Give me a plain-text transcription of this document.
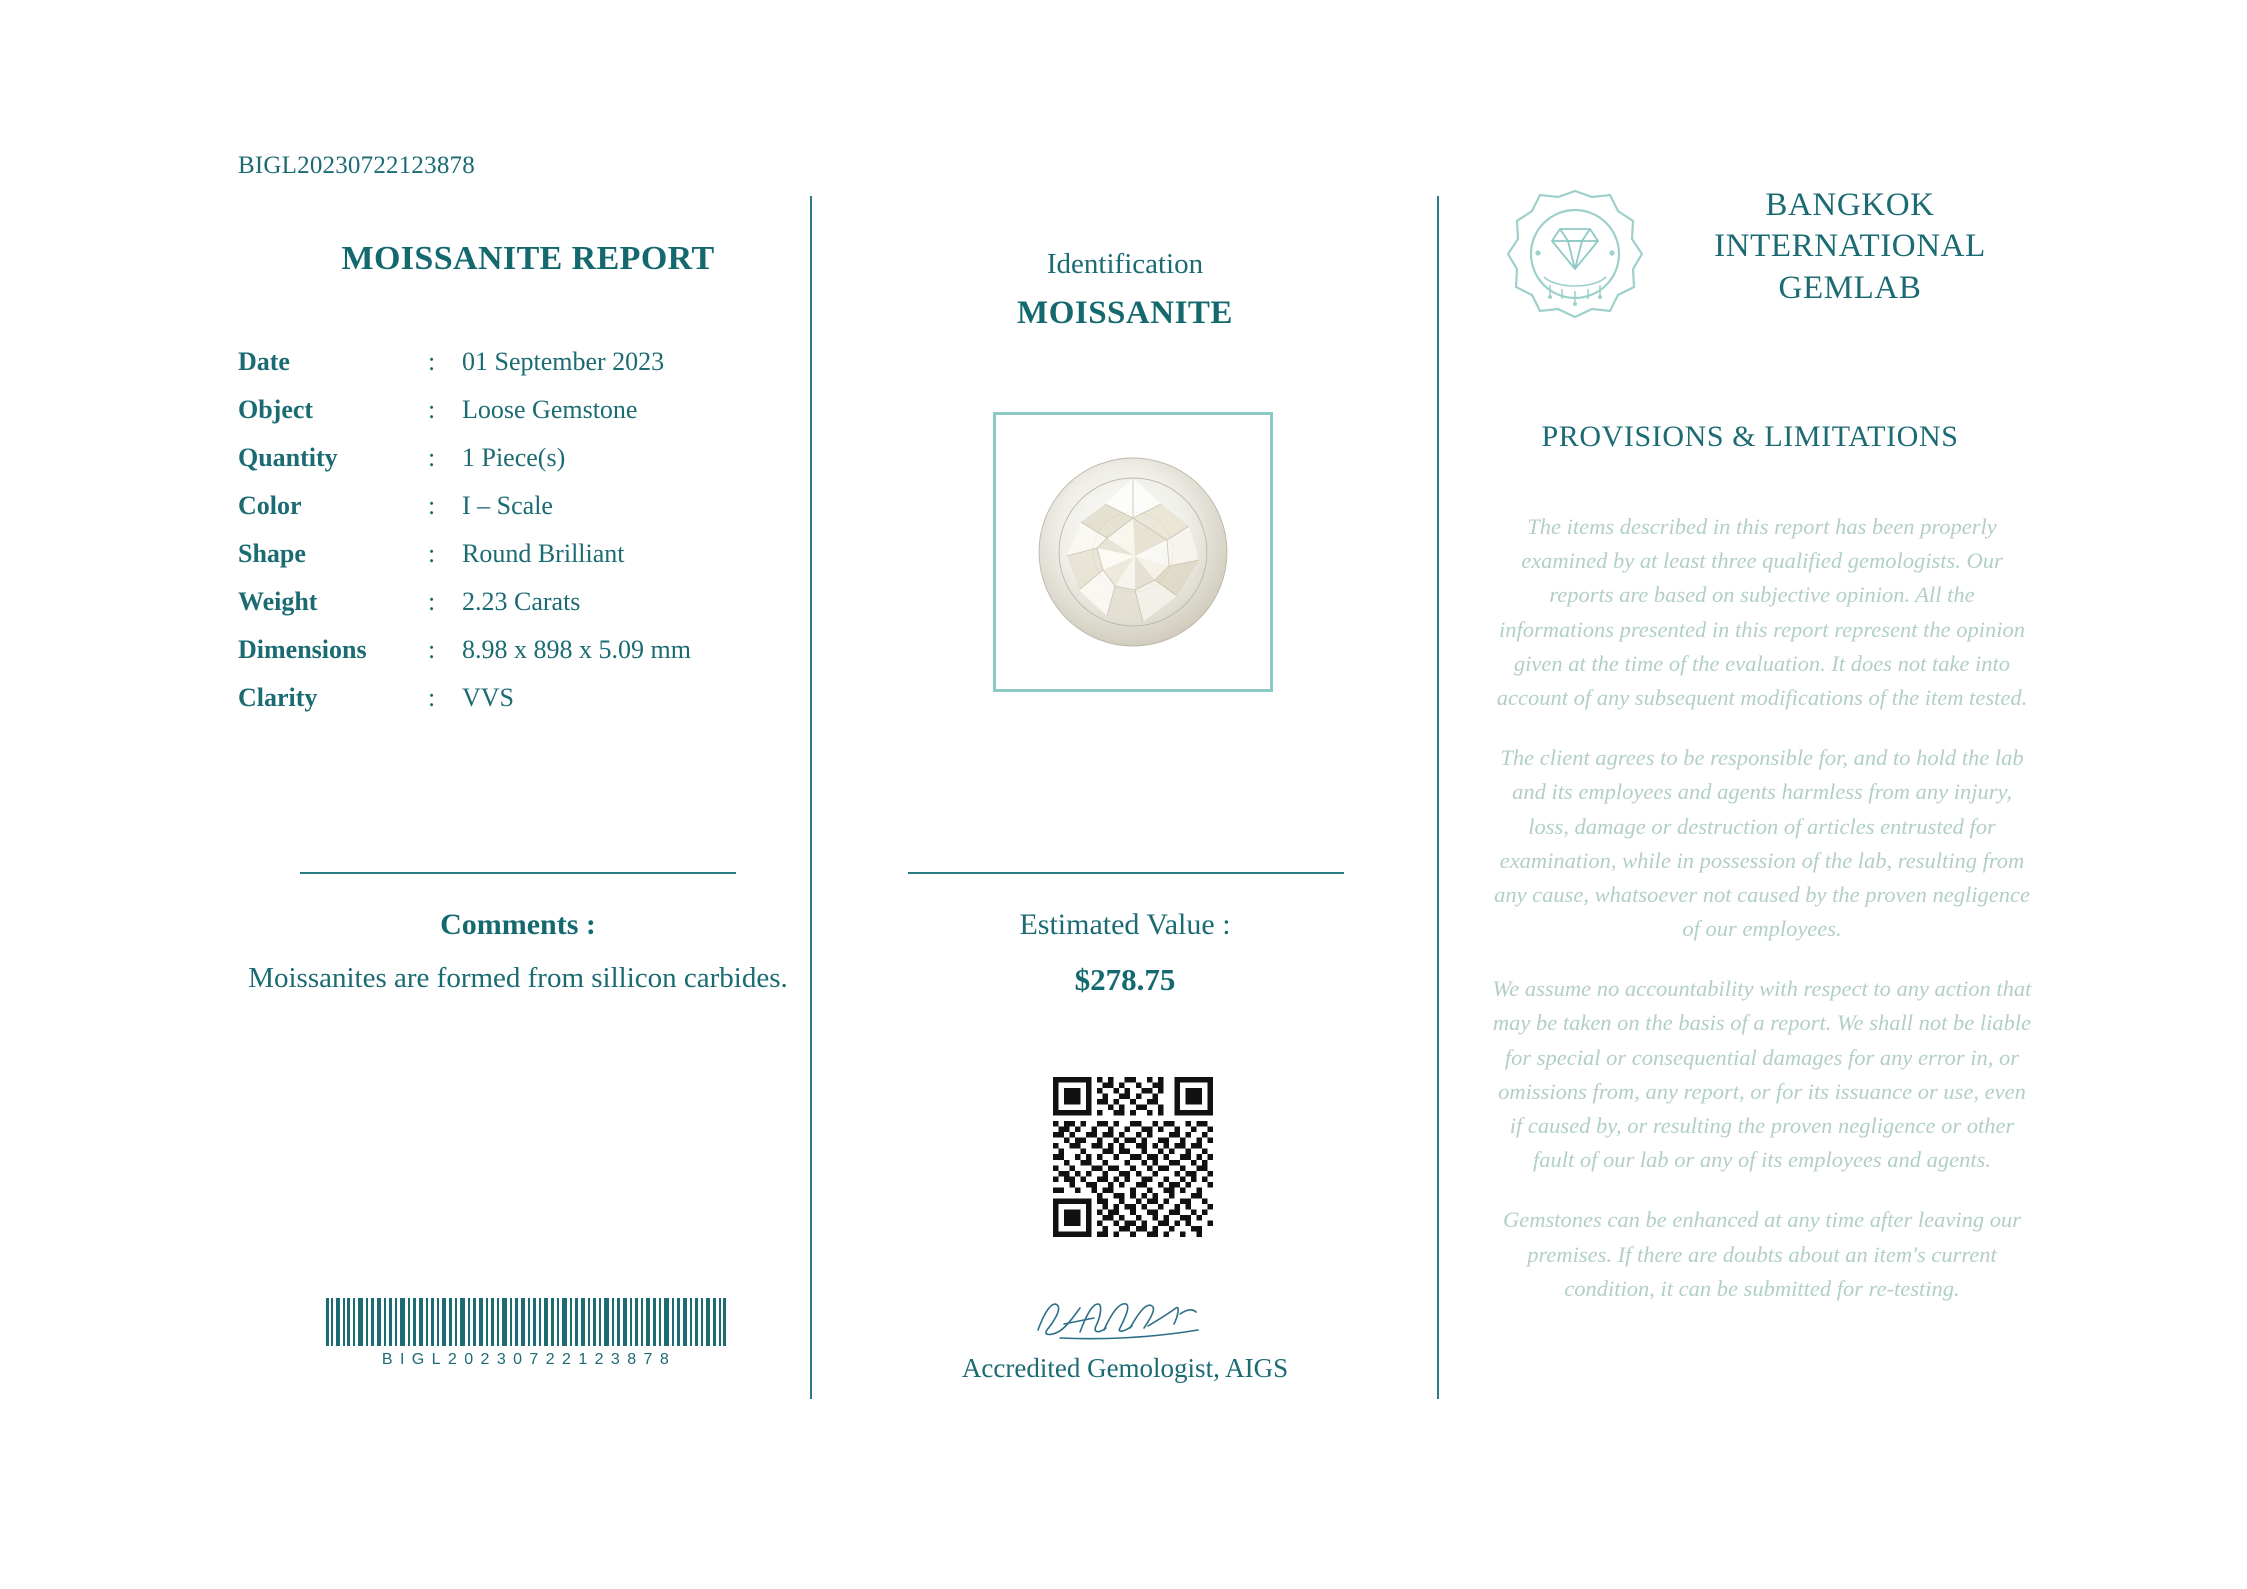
BIGL20230722123878
MOISSANITE REPORT
Date	:	01 September 2023
Object	:	Loose Gemstone
Quantity	:	1 Piece(s)
Color	:	I – Scale
Shape	:	Round Brilliant
Weight	:	2.23 Carats
Dimensions	:	8.98 x 898 x 5.09 mm
Clarity	:	VVS
Comments :
Moissanites are formed from sillicon carbides.
BIGL20230722123878
Identification
MOISSANITE
Estimated Value :
$278.75
Accredited Gemologist, AIGS
BANGKOK INTERNATIONAL GEMLAB
PROVISIONS & LIMITATIONS

The items described in this report has been properly examined by at least three qualified gemologists. Our reports are based on subjective opinion. All the informations presented in this report represent the opinion given at the time of the evaluation. It does not take into account of any subsequent modifications of the item tested.

The client agrees to be responsible for, and to hold the lab and its employees and agents harmless from any injury, loss, damage or destruction of articles entrusted for examination, while in possession of the lab, resulting from any cause, whatsoever not caused by the proven negligence of our employees.

We assume no accountability with respect to any action that may be taken on the basis of a report. We shall not be liable for special or consequential damages for any error in, or omissions from, any report, or for its issuance or use, even if caused by, or resulting the proven negligence or other fault of our lab or any of its employees and agents.

Gemstones can be enhanced at any time after leaving our premises. If there are doubts about an item's current condition, it can be submitted for re-testing.
